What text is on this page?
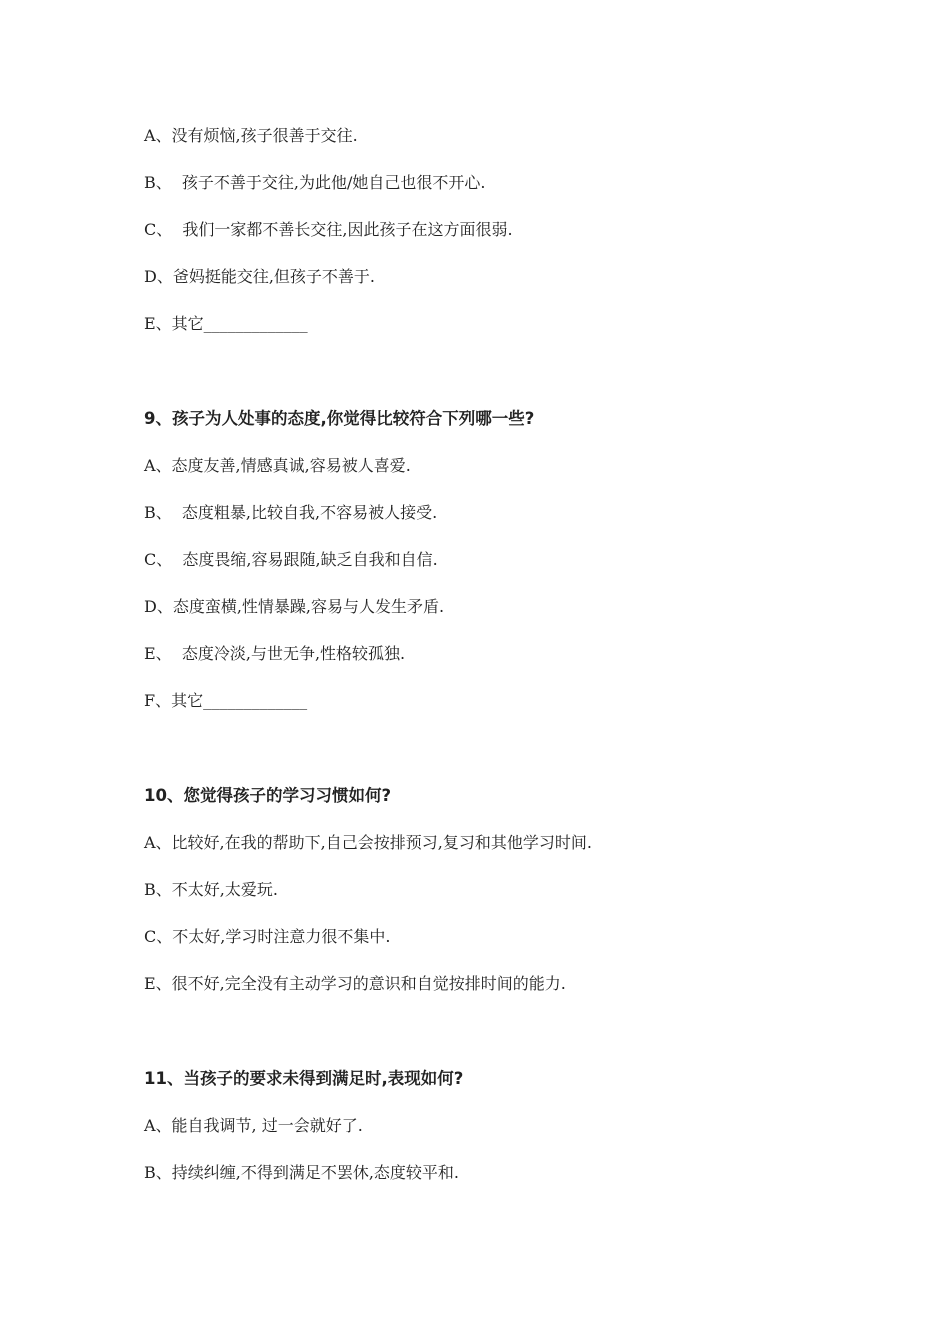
A、没有烦恼,孩子很善于交往.
B、  孩子不善于交往,为此他/她自己也很不开心.
C、  我们一家都不善长交往,因此孩子在这方面很弱.
D、爸妈挺能交往,但孩子不善于.
E、其它_____________
9、孩子为人处事的态度,你觉得比较符合下列哪一些?
A、态度友善,情感真诚,容易被人喜爱.
B、  态度粗暴,比较自我,不容易被人接受.
C、  态度畏缩,容易跟随,缺乏自我和自信.
D、态度蛮横,性情暴躁,容易与人发生矛盾.
E、  态度冷淡,与世无争,性格较孤独.
F、其它_____________
10、您觉得孩子的学习习惯如何?
A、比较好,在我的帮助下,自己会按排预习,复习和其他学习时间.
B、不太好,太爱玩.
C、不太好,学习时注意力很不集中.
E、很不好,完全没有主动学习的意识和自觉按排时间的能力.
11、当孩子的要求未得到满足时,表现如何?
A、能自我调节, 过一会就好了.
B、持续纠缠,不得到满足不罢休,态度较平和.
